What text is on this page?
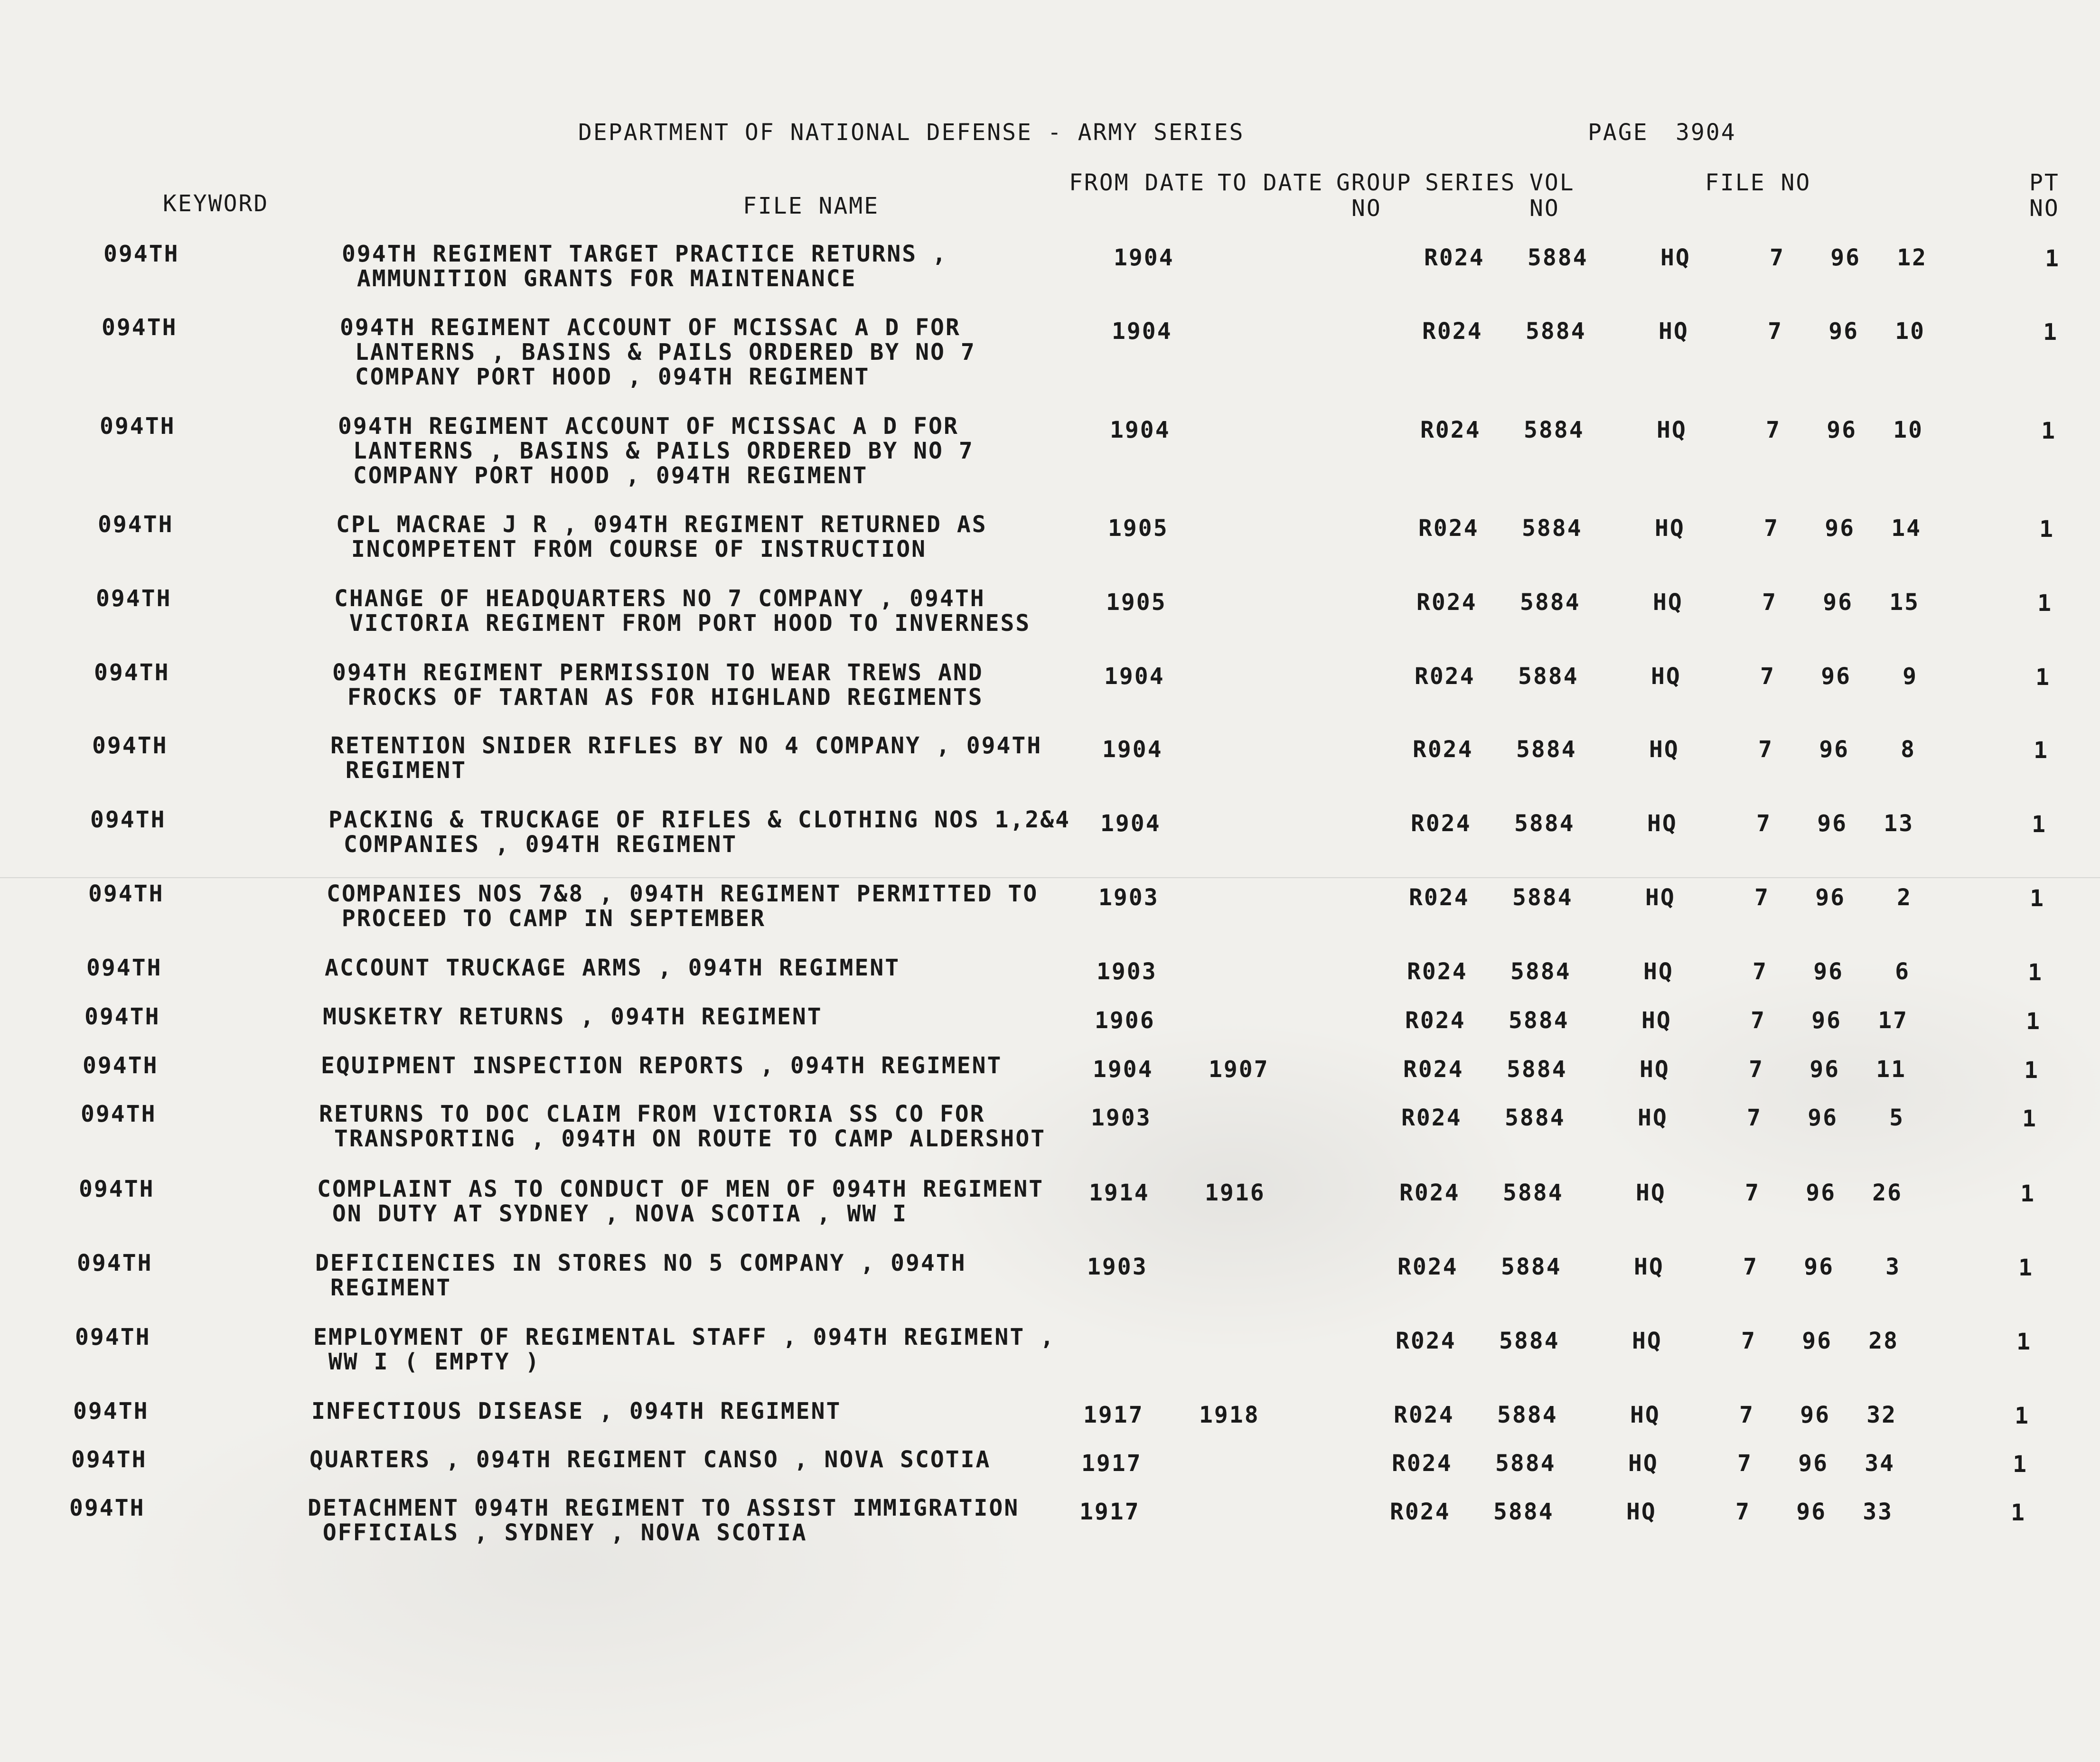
DEPARTMENT OF NATIONAL DEFENSE - ARMY SERIES	PAGE 3904
KEYWORD	FILE NAME
FROM DATE TO DATE GROUP
NO
SERIES VOL
NO
FILE NO	PT
NO
094TH	094TH REGIMENT TARGET PRACTICE RETURNS ,
AMMUNITION GRANTS FOR MAINTENANCE
1904	R024 5884	HQ	7	96	12	1
094TH	094TH REGIMENT ACCOUNT OF MCISSAC A D FOR
LANTERNS , BASINS & PAILS ORDERED BY NO 7
COMPANY PORT HOOD , 094TH REGIMENT
1904	R024 5884	HQ	7	96	10	1
094TH	094TH REGIMENT ACCOUNT OF MCISSAC A D FOR
LANTERNS , BASINS & PAILS ORDERED BY NO 7
COMPANY PORT HOOD , 094TH REGIMENT
1904	R024 5884	HQ	7	96	10	1
094TH	CPL MACRAE J R , 094TH REGIMENT RETURNED AS
INCOMPETENT FROM COURSE OF INSTRUCTION
1905	R024 5884	HQ	7	96	14	1
094TH	CHANGE OF HEADQUARTERS NO 7 COMPANY , 094TH
VICTORIA REGIMENT FROM PORT HOOD TO INVERNESS
1905	R024 5884	HQ	7	96	15	1
094TH	094TH REGIMENT PERMISSION TO WEAR TREWS AND
FROCKS OF TARTAN AS FOR HIGHLAND REGIMENTS
1904	R024 5884	HQ	7	96	9	1
094TH	RETENTION SNIDER RIFLES BY NO 4 COMPANY , 094TH
REGIMENT
1904	R024 5884	HQ	7	96	8	1
094TH	PACKING & TRUCKAGE OF RIFLES & CLOTHING NOS 1,2&4
COMPANIES , 094TH REGIMENT
1904	R024 5884	HQ	7	96	13	1
094TH	COMPANIES NOS 7&8 , 094TH REGIMENT PERMITTED TO
PROCEED TO CAMP IN SEPTEMBER
1903	R024 5884	HQ	7	96	2	1
094TH	ACCOUNT TRUCKAGE ARMS , 094TH REGIMENT	1903	R024 5884	HQ	7	96	6	1
094TH	MUSKETRY RETURNS , 094TH REGIMENT	1906	R024 5884	HQ	7	96	17	1
094TH	EQUIPMENT INSPECTION REPORTS , 094TH REGIMENT	1904 1907	R024 5884	HQ	7	96	11	1
094TH	RETURNS TO DOC CLAIM FROM VICTORIA SS CO FOR
TRANSPORTING , 094TH ON ROUTE TO CAMP ALDERSHOT
1903	R024 5884	HQ	7	96	5	1
094TH	COMPLAINT AS TO CONDUCT OF MEN OF 094TH REGIMENT
ON DUTY AT SYDNEY , NOVA SCOTIA , WW I
1914 1916	R024 5884	HQ	7	96	26	1
094TH	DEFICIENCIES IN STORES NO 5 COMPANY , 094TH
REGIMENT
1903	R024 5884	HQ	7	96	3	1
094TH	EMPLOYMENT OF REGIMENTAL STAFF , 094TH REGIMENT ,
WW I ( EMPTY )
R024 5884	HQ	7	96	28	1
094TH	INFECTIOUS DISEASE , 094TH REGIMENT	1917 1918	R024 5884	HQ	7	96	32	1
094TH	QUARTERS , 094TH REGIMENT CANSO , NOVA SCOTIA	1917	R024 5884	HQ	7	96	34	1
094TH	DETACHMENT 094TH REGIMENT TO ASSIST IMMIGRATION
OFFICIALS , SYDNEY , NOVA SCOTIA
1917	R024 5884	HQ	7	96	33	1
